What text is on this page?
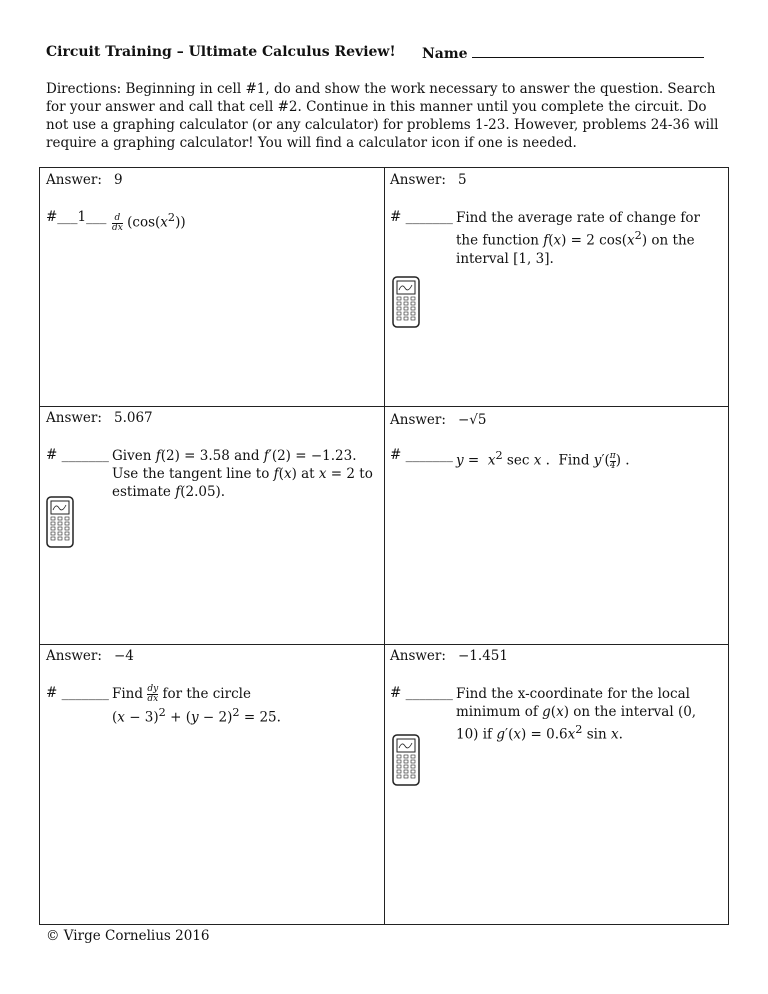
Circuit Training – Ultimate Calculus Review!	Name
Directions: Beginning in cell #1, do and show the work necessary to answer the question. Search for your answer and call that cell #2. Continue in this manner until you complete the circuit. Do not use a graphing calculator (or any calculator) for problems 1-23. However, problems 24-36 will require a graphing calculator! You will find a calculator icon if one is needed.
Answer: 9
#___1___ $\frac{d}{dx} (\cos(x^2))$
Answer: 5
# _______ Find the average rate of change for the function f(x) = 2 $\cos(x^2)$ on the interval [1, 3].
Answer: 5.067
# _______ Given f(2) = 3.58 and f′(2) = −1.23. Use the tangent line to f(x) at x = 2 to estimate f(2.05).
Answer: −√5
# _______ $y = x^2$ sec x .  Find $y'( \frac{\pi}{4}$ ) .
Answer: −4
# _______ Find $\frac{dy}{dx}$ for the circle
$(x - 3)^2 + (y - 2)^2 = 25$.
Answer: −1.451
# _______ Find the x-coordinate for the local minimum of g(x) on the interval (0, 10) if $g'(x) = 0.6x^2$ sin x.
© Virge Cornelius 2016
